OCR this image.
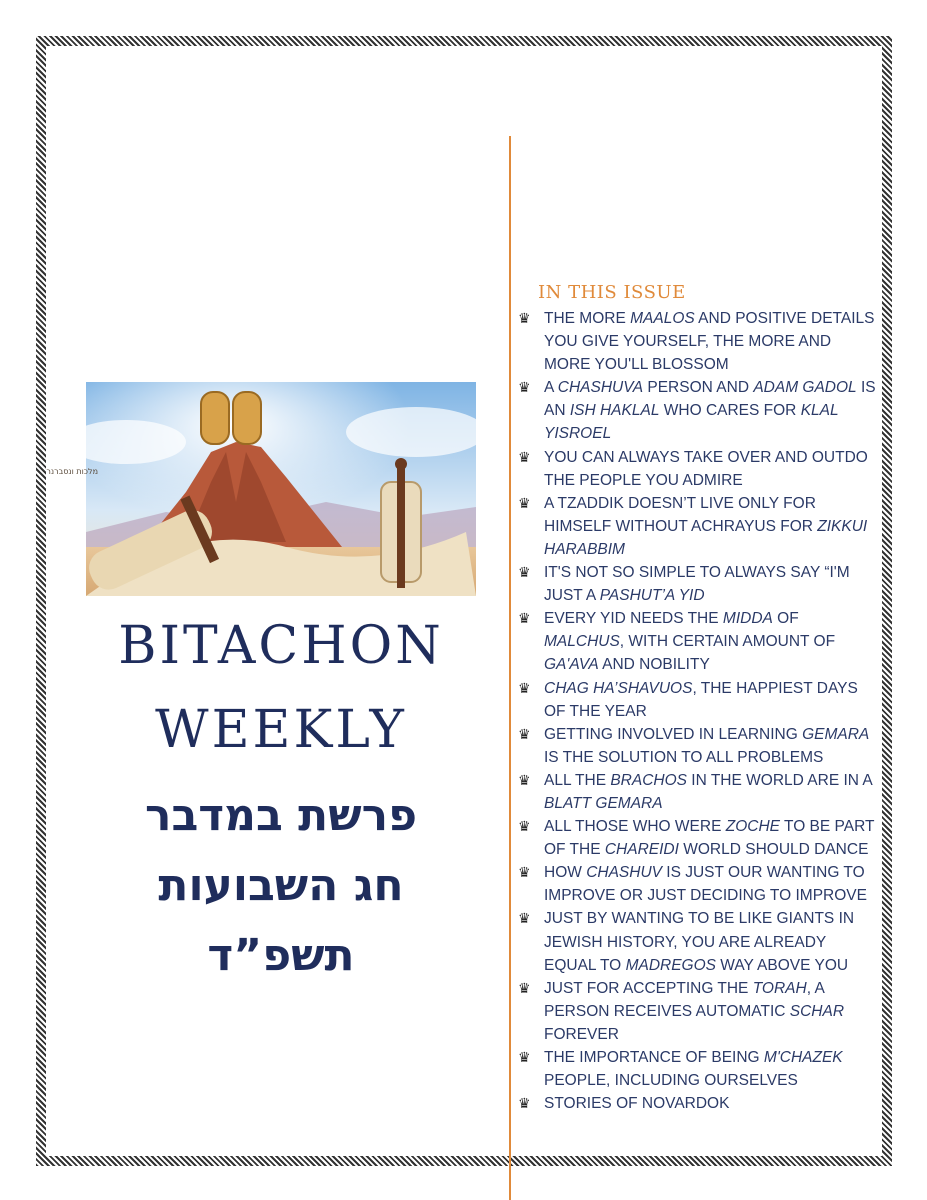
מלכות ונסברנר
BITACHON
WEEKLY

פרשת במדבר

חג השבועות

תשפ”ד

IN THIS ISSUE
♛ THE MORE MAALOS AND POSITIVE DETAILS YOU GIVE YOURSELF, THE MORE AND MORE YOU'LL BLOSSOM
♛ A CHASHUVA PERSON AND ADAM GADOL IS AN ISH HAKLAL WHO CARES FOR KLAL YISROEL
♛ YOU CAN ALWAYS TAKE OVER AND OUTDO THE PEOPLE YOU ADMIRE
♛ A TZADDIK DOESN’T LIVE ONLY FOR HIMSELF WITHOUT ACHRAYUS FOR ZIKKUI HARABBIM
♛ IT'S NOT SO SIMPLE TO ALWAYS SAY “I'M JUST A PASHUT’A YID
♛ EVERY YID NEEDS THE MIDDA OF MALCHUS, WITH CERTAIN AMOUNT OF GA'AVA AND NOBILITY
♛ CHAG HA’SHAVUOS, THE HAPPIEST DAYS OF THE YEAR
♛ GETTING INVOLVED IN LEARNING GEMARA IS THE SOLUTION TO ALL PROBLEMS
♛ ALL THE BRACHOS IN THE WORLD ARE IN A BLATT GEMARA
♛ ALL THOSE WHO WERE ZOCHE TO BE PART OF THE CHAREIDI WORLD SHOULD DANCE
♛ HOW CHASHUV IS JUST OUR WANTING TO IMPROVE OR JUST DECIDING TO IMPROVE
♛ JUST BY WANTING TO BE LIKE GIANTS IN JEWISH HISTORY, YOU ARE ALREADY EQUAL TO MADREGOS WAY ABOVE YOU
♛ JUST FOR ACCEPTING THE TORAH, A PERSON RECEIVES AUTOMATIC SCHAR FOREVER
♛ THE IMPORTANCE OF BEING M'CHAZEK PEOPLE, INCLUDING OURSELVES
♛ STORIES OF NOVARDOK
